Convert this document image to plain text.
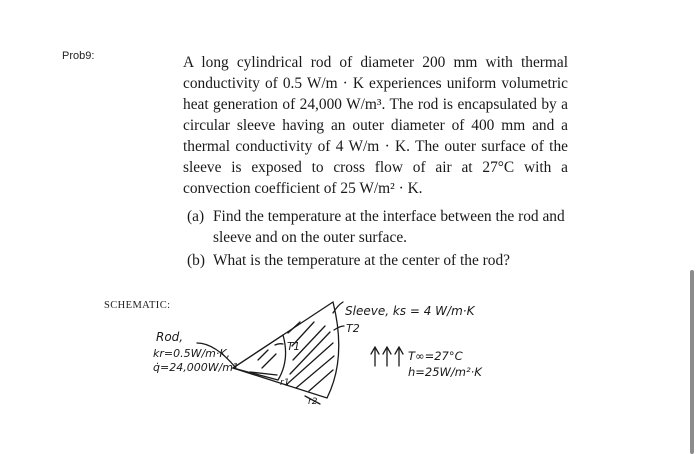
Prob9:	A long cylindrical rod of diameter 200 mm with thermal conductivity of 0.5 W/m · K experiences uniform volumetric heat generation of 24,000 W/m³. The rod is encapsulated by a circular sleeve having an outer diameter of 400 mm and a thermal conductivity of 4 W/m · K. The outer surface of the sleeve is exposed to cross flow of air at 27°C with a convection coefficient of 25 W/m² · K.

(a) Find the temperature at the interface between the rod and sleeve and on the outer surface.
(b) What is the temperature at the center of the rod?
SCHEMATIC:
Rod,
kr=0.5W/m·K,
q̇=24,000W/m³
T1
r1
r2
Sleeve, ks = 4 W/m·K
T2
T∞=27°C
h=25W/m²·K
